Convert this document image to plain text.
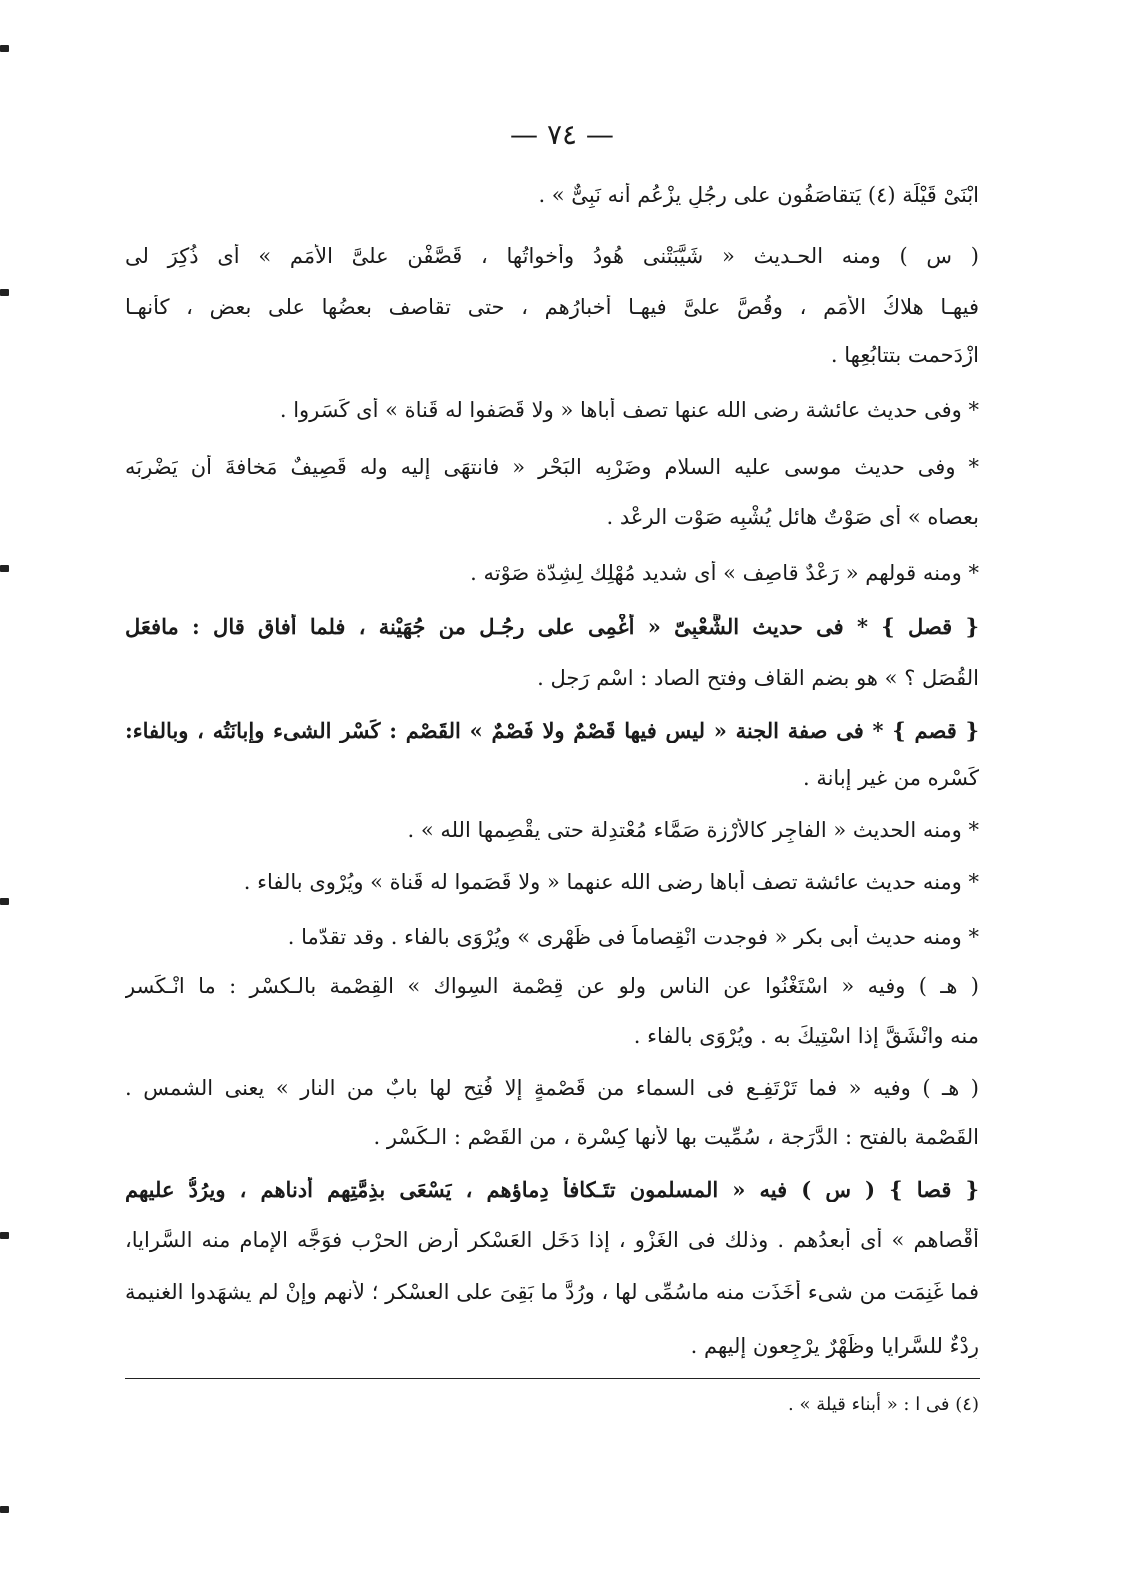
— ٧٤ —
ابْنَىْ قَيْلَة (٤) يَتقاصَفُون على رجُلٍ يزْعُم أنه نَبِىٌّ » .
( س ) ومنه الحـديث « شَيَّبَتْنى هُودُ وأخواتُها ، قَصَّفْن علىَّ الأمَم » أى ذُكِرَ لى
فيهـا هلاكُ الأمَم ، وقُصَّ علىَّ فيهـا أخبارُهم ، حتى تقاصف بعضُها على بعض ، كأنهـا
ازْدَحمت بتتابُعِها .
* وفى حديث عائشة رضى الله عنها تصف أباها « ولا قَصَفوا له قَناة » أى كَسَروا .
* وفى حديث موسى عليه السلام وضَرْبِه البَحْر « فانتهَى إليه وله قَصِيفٌ مَخافةَ أن يَضْرِبَه
بعصاه » أى صَوْتٌ هائل يُشْبِه صَوْت الرعْد .
* ومنه قولهم « رَعْدٌ قاصِف » أى شديد مُهْلِك لِشِدّة صَوْته .
{ قصل } * فى حديث الشَّعْبِىّ « أُغْمِى على رجُـل من جُهَيْنة ، فلما أفاق قال : مافعَل
القُصَل ؟ » هو بضم القاف وفتح الصاد : اسْم رَجل .
{ قصم } * فى صفة الجنة « ليس فيها قَصْمٌ ولا فَصْمٌ » القَصْم : كَسْر الشىء وإبانَتُه ، وبالفاء:
كَسْره من غير إبانة .
* ومنه الحديث « الفاجِر كالأرْزة صَمَّاء مُعْتدِلة حتى يقْصِمها الله » .
* ومنه حديث عائشة تصف أباها رضى الله عنهما « ولا قَصَموا له قَناة » ويُرْوى بالفاء .
* ومنه حديث أبى بكر « فوجدت انْقِصاماً فى ظَهْرى » ويُرْوَى بالفاء . وقد تقدّما .
( هـ ) وفيه « اسْتَغْنُوا عن الناس ولو عن قِصْمة السِواك » القِصْمة بالـكسْر : ما انْـكَسر
منه وانْشَقَّ إذا اسْتِيكَ به . ويُرْوَى بالفاء .
( هـ ) وفيه « فما تَرْتَفِـع فى السماء من قَصْمةٍ إلا فُتِح لها بابٌ من النار » يعنى الشمس .
القَصْمة بالفتح : الدَّرَجة ، سُمِّيت بها لأنها كِسْرة ، من القَصْم : الـكَسْر .
{ قصا } ( س ) فيه « المسلمون تتَـكافأُ دِماؤهم ، يَسْعَى بذِمَّتِهم أدناهم ، ويرُدُّ عليهم
أقْصاهم » أى أبعدُهم . وذلك فى الغَزْو ، إذا دَخَل العَسْكر أرض الحرْب فوَجَّه الإمام منه السَّرايا،
فما غَنِمَت من شىء أخَذَت منه ماسُمِّى لها ، ورُدَّ ما بَقِىَ على العسْكر ؛ لأنهم وإنْ لم يشهَدوا الغنيمة
رِدْءٌ للسَّرايا وظَهْرٌ يرْجِعون إليهم .
(٤) فى ا : « أبناء قيلة » .
